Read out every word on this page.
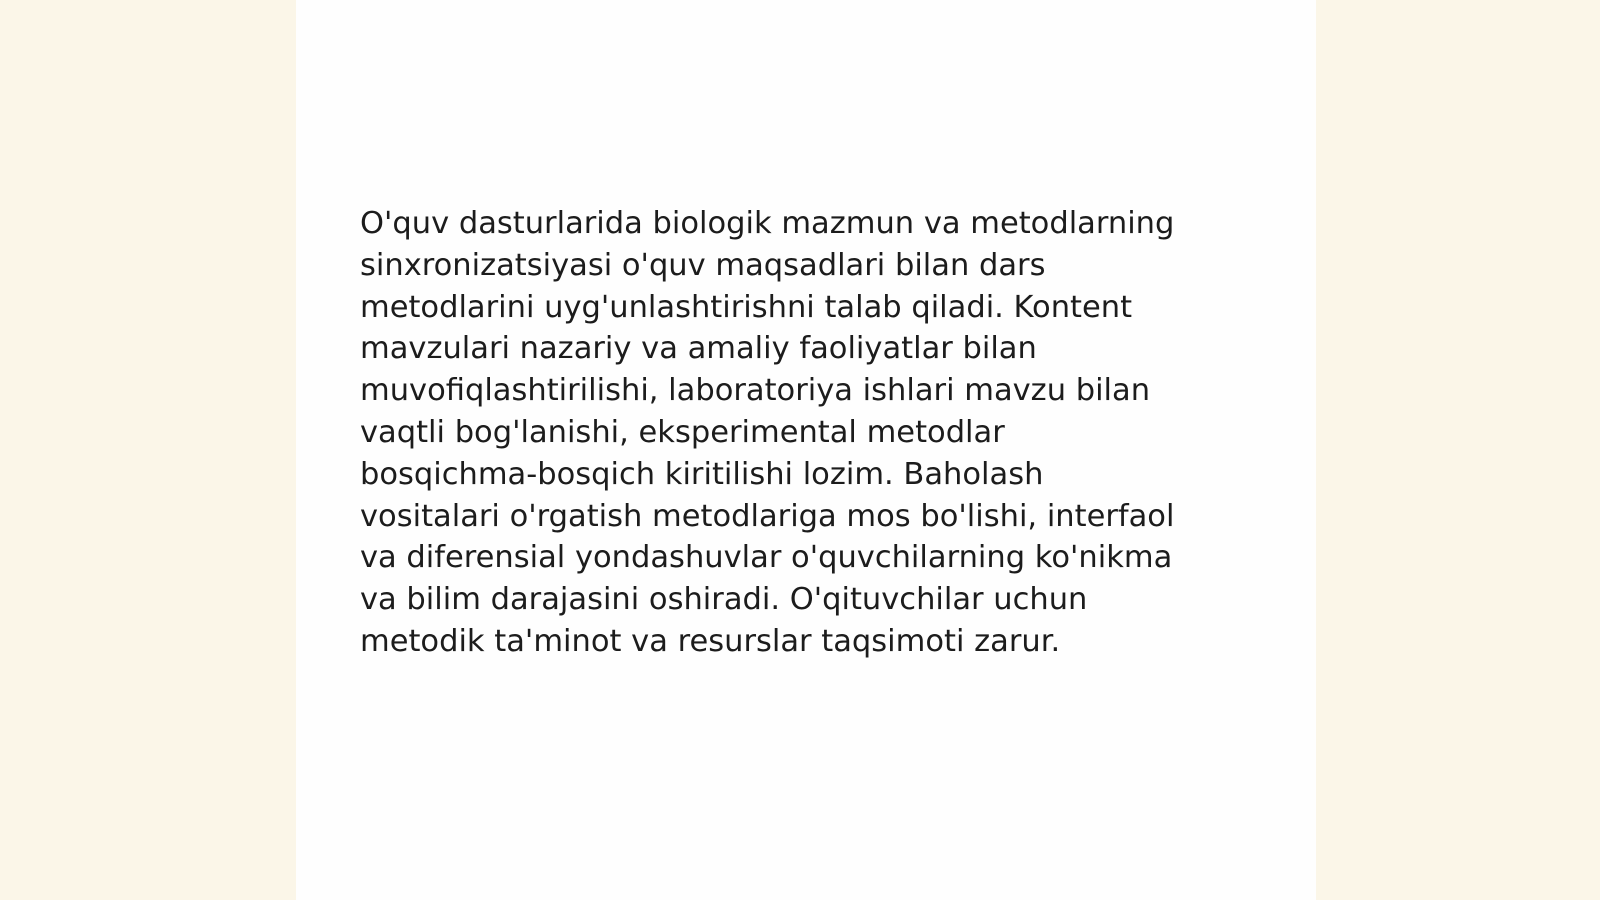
O'quv dasturlarida biologik mazmun va metodlarning
sinxronizatsiyasi o'quv maqsadlari bilan dars
metodlarini uyg'unlashtirishni talab qiladi. Kontent
mavzulari nazariy va amaliy faoliyatlar bilan
muvofiqlashtirilishi, laboratoriya ishlari mavzu bilan
vaqtli bog'lanishi, eksperimental metodlar
bosqichma-bosqich kiritilishi lozim. Baholash
vositalari o'rgatish metodlariga mos bo'lishi, interfaol
va diferensial yondashuvlar o'quvchilarning ko'nikma
va bilim darajasini oshiradi. O'qituvchilar uchun
metodik ta'minot va resurslar taqsimoti zarur.
